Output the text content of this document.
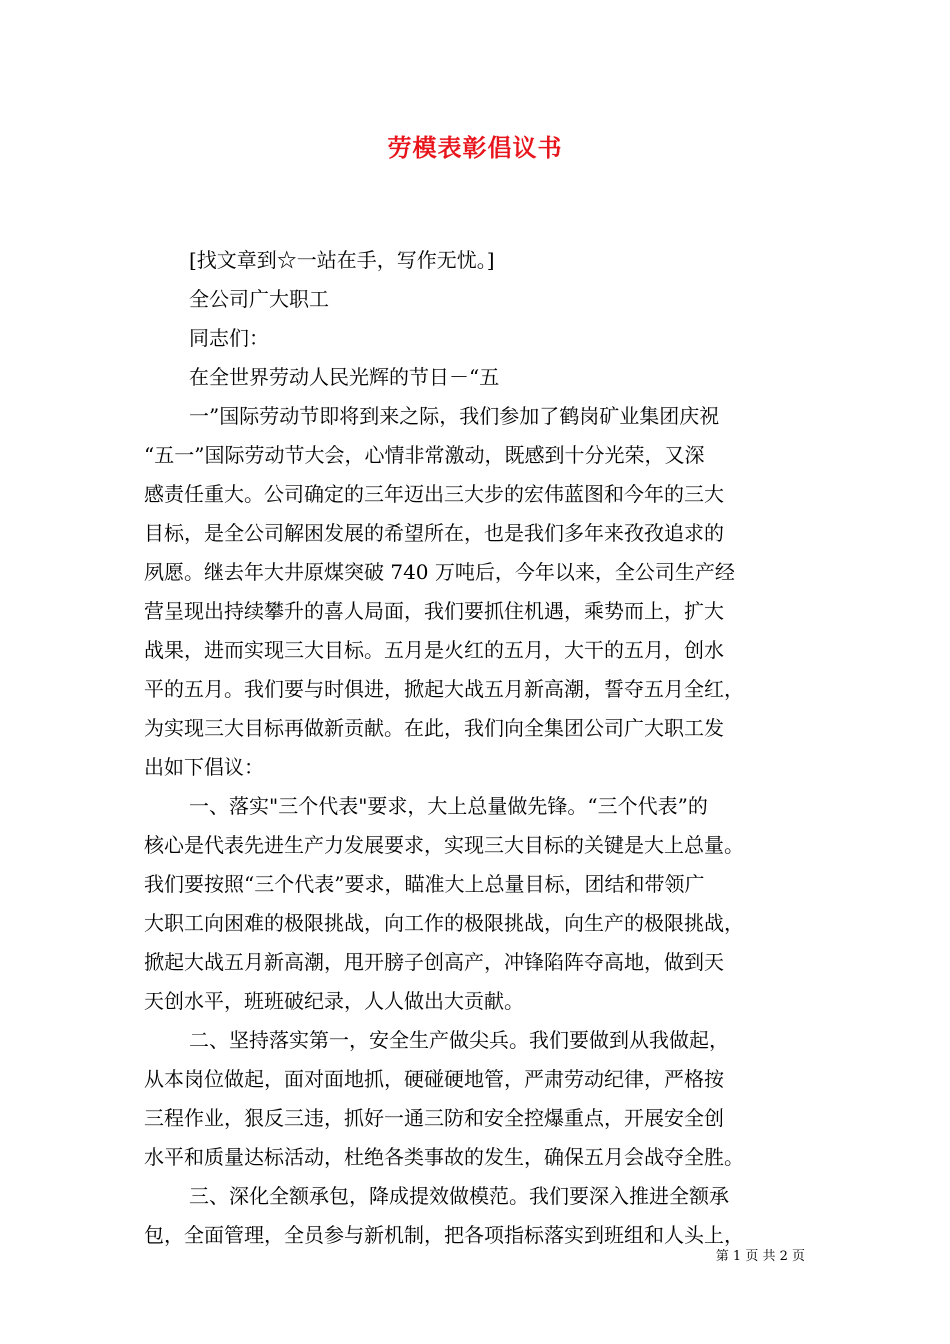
劳模表彰倡议书
[找文章到☆一站在手，写作无忧。]
全公司广大职工
同志们：
在全世界劳动人民光辉的节日－“五
一”国际劳动节即将到来之际，我们参加了鹤岗矿业集团庆祝
“五一”国际劳动节大会，心情非常激动，既感到十分光荣，又深
感责任重大。公司确定的三年迈出三大步的宏伟蓝图和今年的三大
目标，是全公司解困发展的希望所在，也是我们多年来孜孜追求的
夙愿。继去年大井原煤突破 740 万吨后，今年以来，全公司生产经
营呈现出持续攀升的喜人局面，我们要抓住机遇，乘势而上，扩大
战果，进而实现三大目标。五月是火红的五月，大干的五月，创水
平的五月。我们要与时俱进，掀起大战五月新高潮，誓夺五月全红，
为实现三大目标再做新贡献。在此，我们向全集团公司广大职工发
出如下倡议：
一、落实"三个代表"要求，大上总量做先锋。“三个代表”的
核心是代表先进生产力发展要求，实现三大目标的关键是大上总量。
我们要按照“三个代表”要求，瞄准大上总量目标，团结和带领广
大职工向困难的极限挑战，向工作的极限挑战，向生产的极限挑战，
掀起大战五月新高潮，甩开膀子创高产，冲锋陷阵夺高地，做到天
天创水平，班班破纪录，人人做出大贡献。
二、坚持落实第一，安全生产做尖兵。我们要做到从我做起，
从本岗位做起，面对面地抓，硬碰硬地管，严肃劳动纪律，严格按
三程作业，狠反三违，抓好一通三防和安全控爆重点，开展安全创
水平和质量达标活动，杜绝各类事故的发生，确保五月会战夺全胜。
三、深化全额承包，降成提效做模范。我们要深入推进全额承
包，全面管理，全员参与新机制，把各项指标落实到班组和人头上，
第 1 页 共 2 页
